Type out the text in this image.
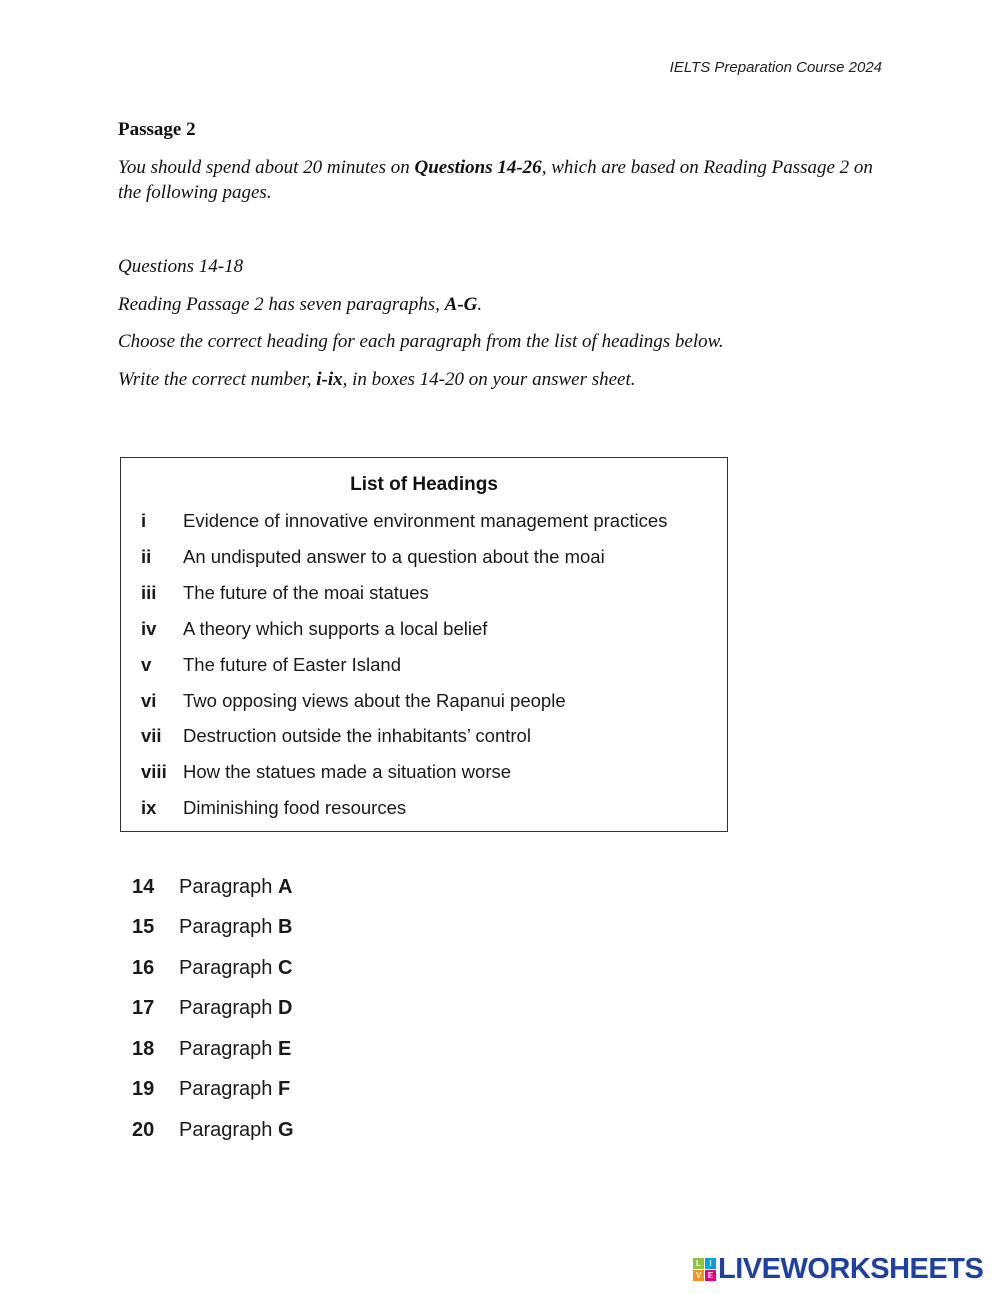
IELTS Preparation Course 2024
Passage 2
You should spend about 20 minutes on Questions 14-26, which are based on Reading Passage 2 on the following pages.
Questions 14-18
Reading Passage 2 has seven paragraphs, A-G.
Choose the correct heading for each paragraph from the list of headings below.
Write the correct number, i-ix, in boxes 14-20 on your answer sheet.
List of Headings
i	Evidence of innovative environment management practices
ii	An undisputed answer to a question about the moai
iii	The future of the moai statues
iv	A theory which supports a local belief
v	The future of Easter Island
vi	Two opposing views about the Rapanui people
vii	Destruction outside the inhabitants’ control
viii How the statues made a situation worse
ix	Diminishing food resources
14 Paragraph A
15 Paragraph B
16 Paragraph C
17 Paragraph D
18 Paragraph E
19 Paragraph F
20 Paragraph G
L	I
V E LIVEWORKSHEETS
